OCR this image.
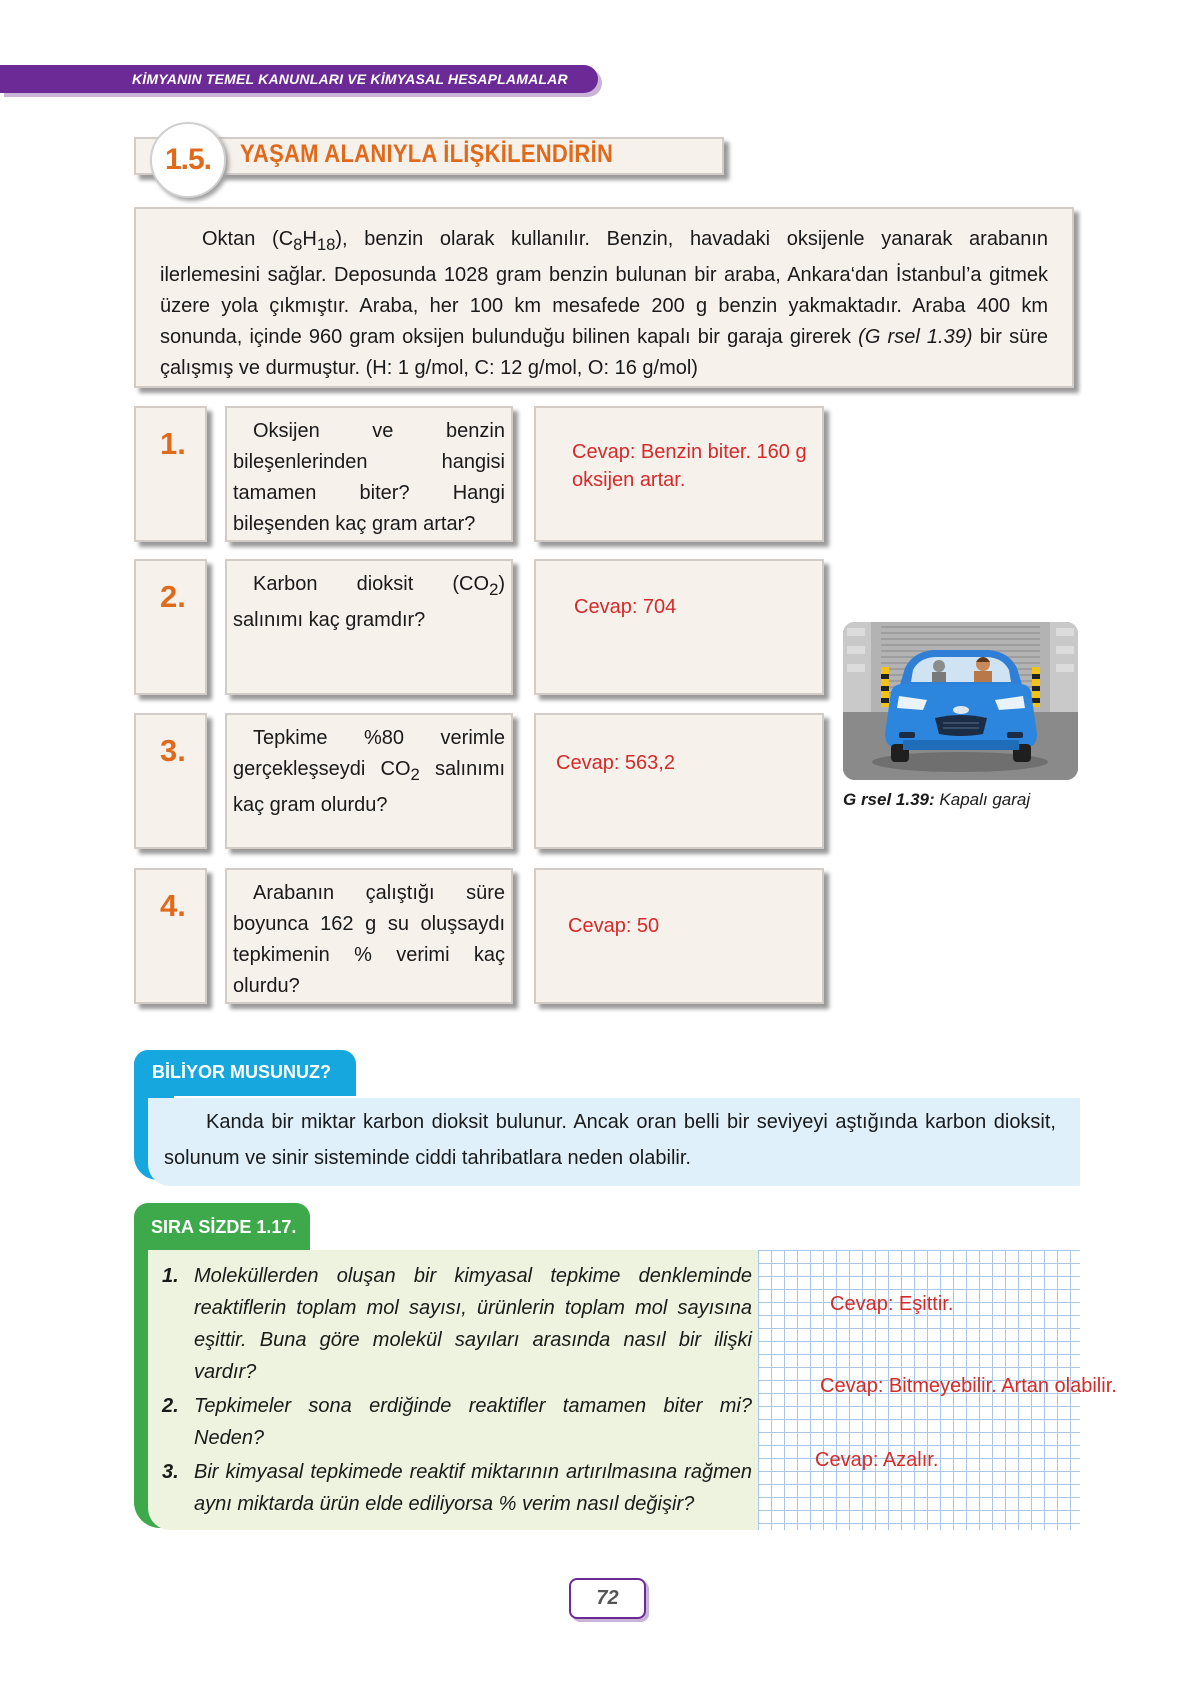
KİMYANIN TEMEL KANUNLARI VE KİMYASAL HESAPLAMALAR
1.5. YAŞAM ALANIYLA İLİŞKİLENDİRİN
Oktan $(C_8H_{18})$, benzin olarak kullanılır. Benzin, havadaki oksijenle yanarak arabanın ilerlemesini sağlar. Deposunda 1028 gram benzin bulunan bir araba, Ankara‘dan İstanbul’a gitmek üzere yola çıkmıştır. Araba, her 100 km mesafede 200 g benzin yakmaktadır. Araba 400 km sonunda, içinde 960 gram oksijen bulunduğu bilinen kapalı bir garaja girerek (G rsel 1.39) bir süre çalışmış ve durmuştur. (H: 1 g/mol, C: 12 g/mol, O: 16 g/mol)
1.	Oksijen ve benzin bileşenlerinden hangisi tamamen biter? Hangi bileşenden kaç gram artar?
Cevap: Benzin biter. 160 g
oksijen artar.
2.	Karbon dioksit $(CO_2)$ salınımı kaç gramdır?
Cevap: 704
3.	Tepkime %80 verimle gerçekleşseydi $CO_2$ salınımı kaç gram olurdu?
Cevap: 563,2
4.	Arabanın çalıştığı süre boyunca 162 g su oluşsaydı tepkimenin % verimi kaç olurdu?
Cevap: 50
G rsel 1.39: Kapalı garaj
BİLİYOR MUSUNUZ?
Kanda bir miktar karbon dioksit bulunur. Ancak oran belli bir seviyeyi aştığında karbon dioksit, solunum ve sinir sisteminde ciddi tahribatlara neden olabilir.
SIRA SİZDE 1.17.
1. Moleküllerden oluşan bir kimyasal tepkime denkleminde reaktiflerin toplam mol sayısı, ürünlerin toplam mol sayısına eşittir. Buna göre molekül sayıları arasında nasıl bir ilişki vardır?
2. Tepkimeler sona erdiğinde reaktifler tamamen biter mi? Neden?
3. Bir kimyasal tepkimede reaktif miktarının artırılmasına rağmen aynı miktarda ürün elde ediliyorsa % verim nasıl değişir?
Cevap: Eşittir.
Cevap: Bitmeyebilir. Artan olabilir.
Cevap: Azalır.
72
